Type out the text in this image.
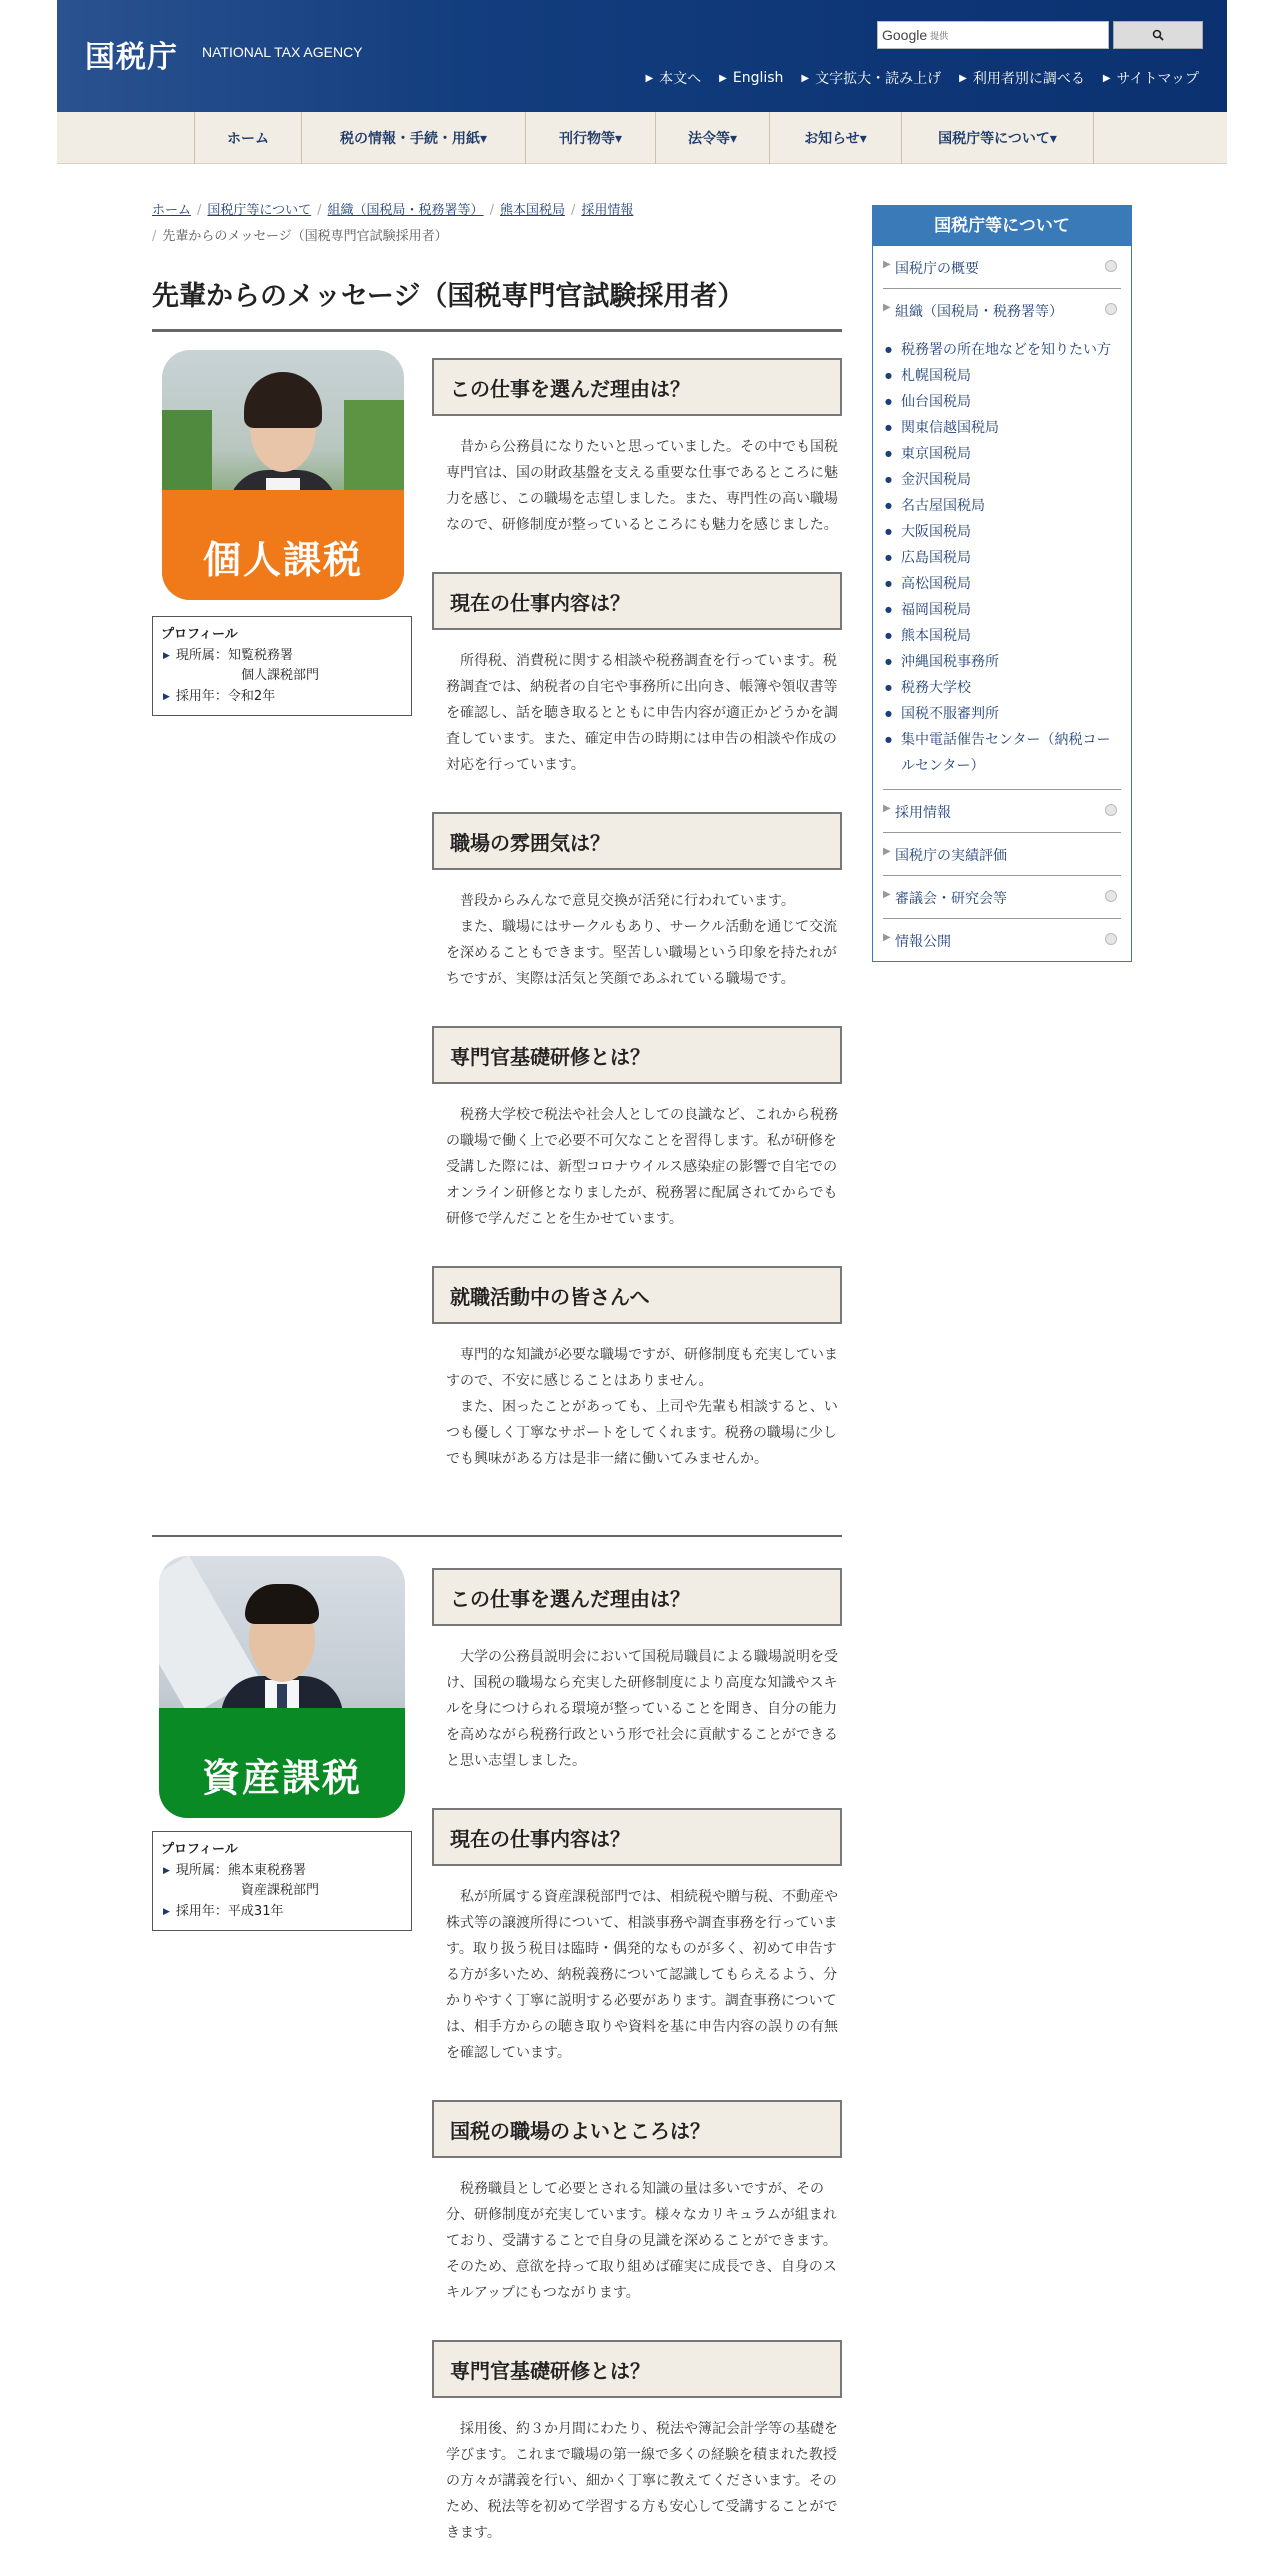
国税庁 NATIONAL TAX AGENCY
Google 提供
▶ 本文へ ▶ English ▶ 文字拡大・読み上げ ▶ 利用者別に調べる ▶ サイトマップ
ホーム	税の情報・手続・用紙▾	刊行物等▾	法令等▾	お知らせ▾	国税庁等について▾
ホーム / 国税庁等について / 組織（国税局・税務署等） / 熊本国税局 / 採用情報
/ 先輩からのメッセージ（国税専門官試験採用者）
先輩からのメッセージ（国税専門官試験採用者）
個人課税
プロフィール
▶ 現所属： 知覧税務署
個人課税部門
▶ 採用年：令和2年
この仕事を選んだ理由は？

昔から公務員になりたいと思っていました。その中でも国税専門官は、国の財政基盤を支える重要な仕事であるところに魅力を感じ、この職場を志望しました。また、専門性の高い職場なので、研修制度が整っているところにも魅力を感じました。

現在の仕事内容は？

所得税、消費税に関する相談や税務調査を行っています。税務調査では、納税者の自宅や事務所に出向き、帳簿や領収書等を確認し、話を聴き取るとともに申告内容が適正かどうかを調査しています。また、確定申告の時期には申告の相談や作成の対応を行っています。

職場の雰囲気は？

普段からみんなで意見交換が活発に行われています。

また、職場にはサークルもあり、サークル活動を通じて交流を深めることもできます。堅苦しい職場という印象を持たれがちですが、実際は活気と笑顔であふれている職場です。

専門官基礎研修とは？

税務大学校で税法や社会人としての良識など、これから税務の職場で働く上で必要不可欠なことを習得します。私が研修を受講した際には、新型コロナウイルス感染症の影響で自宅でのオンライン研修となりましたが、税務署に配属されてからでも研修で学んだことを生かせています。

就職活動中の皆さんへ

専門的な知識が必要な職場ですが、研修制度も充実していますので、不安に感じることはありません。

また、困ったことがあっても、上司や先輩も相談すると、いつも優しく丁寧なサポートをしてくれます。税務の職場に少しでも興味がある方は是非一緒に働いてみませんか。

資産課税
プロフィール
▶ 現所属： 熊本東税務署
資産課税部門
▶ 採用年：平成31年
この仕事を選んだ理由は？

大学の公務員説明会において国税局職員による職場説明を受け、国税の職場なら充実した研修制度により高度な知識やスキルを身につけられる環境が整っていることを聞き、自分の能力を高めながら税務行政という形で社会に貢献することができると思い志望しました。

現在の仕事内容は？

私が所属する資産課税部門では、相続税や贈与税、不動産や株式等の譲渡所得について、相談事務や調査事務を行っています。取り扱う税目は臨時・偶発的なものが多く、初めて申告する方が多いため、納税義務について認識してもらえるよう、分かりやすく丁寧に説明する必要があります。調査事務については、相手方からの聴き取りや資料を基に申告内容の誤りの有無を確認しています。

国税の職場のよいところは？

税務職員として必要とされる知識の量は多いですが、その分、研修制度が充実しています。様々なカリキュラムが組まれており、受講することで自身の見識を深めることができます。そのため、意欲を持って取り組めば確実に成長でき、自身のスキルアップにもつながります。

専門官基礎研修とは？

採用後、約３か月間にわたり、税法や簿記会計学等の基礎を学びます。これまで職場の第一線で多くの経験を積まれた教授の方々が講義を行い、細かく丁寧に教えてくださいます。そのため、税法等を初めて学習する方も安心して受講することができます。

国税庁等について
▶ 国税庁の概要
▶ 組織（国税局・税務署等）
● 税務署の所在地などを知りたい方
● 札幌国税局
● 仙台国税局
● 関東信越国税局
● 東京国税局
● 金沢国税局
● 名古屋国税局
● 大阪国税局
● 広島国税局
● 高松国税局
● 福岡国税局
● 熊本国税局
● 沖縄国税事務所
● 税務大学校
● 国税不服審判所
● 集中電話催告センター（納税コールセンター）
▶ 採用情報
▶ 国税庁の実績評価
▶ 審議会・研究会等
▶ 情報公開
